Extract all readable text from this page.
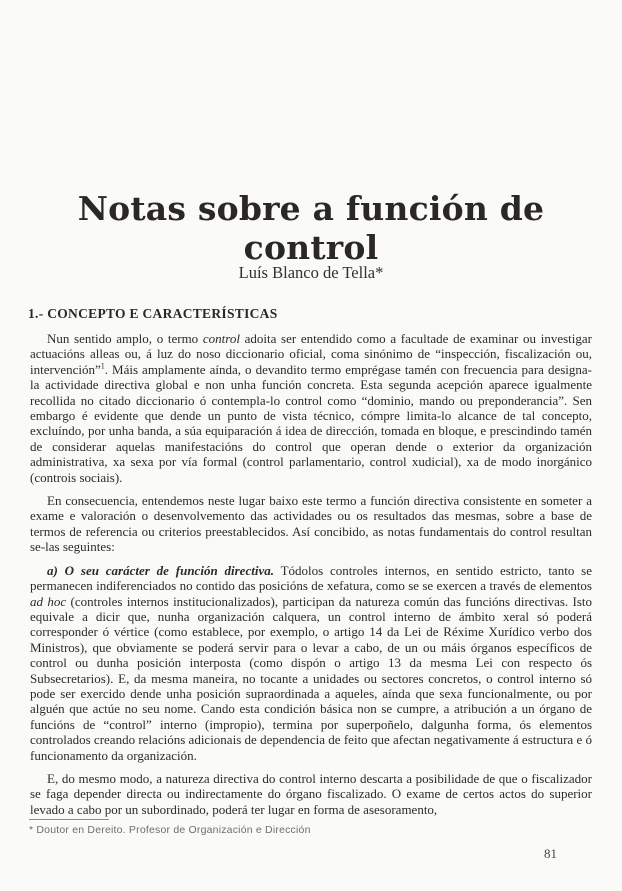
Notas sobre a función de control
Luís Blanco de Tella*
1.- CONCEPTO E CARACTERÍSTICAS

Nun sentido amplo, o termo control adoita ser entendido como a facultade de examinar ou investigar actuacións alleas ou, á luz do noso diccionario oficial, coma sinónimo de “inspección, fiscalización ou, intervención”$^1$. Máis amplamente aínda, o devandito termo emprégase tamén con frecuencia para designa-la actividade directiva global e non unha función concreta. Esta segunda acepción aparece igualmente recollida no citado diccionario ó contempla-lo control como “dominio, mando ou preponderancia”. Sen embargo é evidente que dende un punto de vista técnico, cómpre limita-lo alcance de tal concepto, excluíndo, por unha banda, a súa equiparación á idea de dirección, tomada en bloque, e prescindindo tamén de considerar aquelas manifestacións do control que operan dende o exterior da organización administrativa, xa sexa por vía formal (control parlamentario, control xudicial), xa de modo inorgánico (controis sociais).

En consecuencia, entendemos neste lugar baixo este termo a función directiva consistente en someter a exame e valoración o desenvolvemento das actividades ou os resultados das mesmas, sobre a base de termos de referencia ou criterios preestablecidos. Así concibido, as notas fundamentais do control resultan se-las seguintes:

a) O seu carácter de función directiva. Tódolos controles internos, en sentido estricto, tanto se permanecen indiferenciados no contido das posicións de xefatura, como se se exercen a través de elementos ad hoc (controles internos institucionalizados), participan da natureza común das funcións directivas. Isto equivale a dicir que, nunha organización calquera, un control interno de ámbito xeral só poderá corresponder ó vértice (como establece, por exemplo, o artigo 14 da Lei de Réxime Xurídico verbo dos Ministros), que obviamente se poderá servir para o levar a cabo, de un ou máis órganos específicos de control ou dunha posición interposta (como dispón o artigo 13 da mesma Lei con respecto ós Subsecretarios). E, da mesma maneira, no tocante a unidades ou sectores concretos, o control interno só pode ser exercido dende unha posición supraordinada a aqueles, aínda que sexa funcionalmente, ou por alguén que actúe no seu nome. Cando esta condición básica non se cumpre, a atribución a un órgano de funcións de “control” interno (impropio), termina por superpoñelo, dalgunha forma, ós elementos controlados creando relacións adicionais de dependencia de feito que afectan negativamente á estructura e ó funcionamento da organización.

E, do mesmo modo, a natureza directiva do control interno descarta a posibilidade de que o fiscalizador se faga depender directa ou indirectamente do órgano fiscalizado. O exame de certos actos do superior levado a cabo por un subordinado, poderá ter lugar en forma de asesoramento,

* Doutor en Dereito. Profesor de Organización e Dirección
81
